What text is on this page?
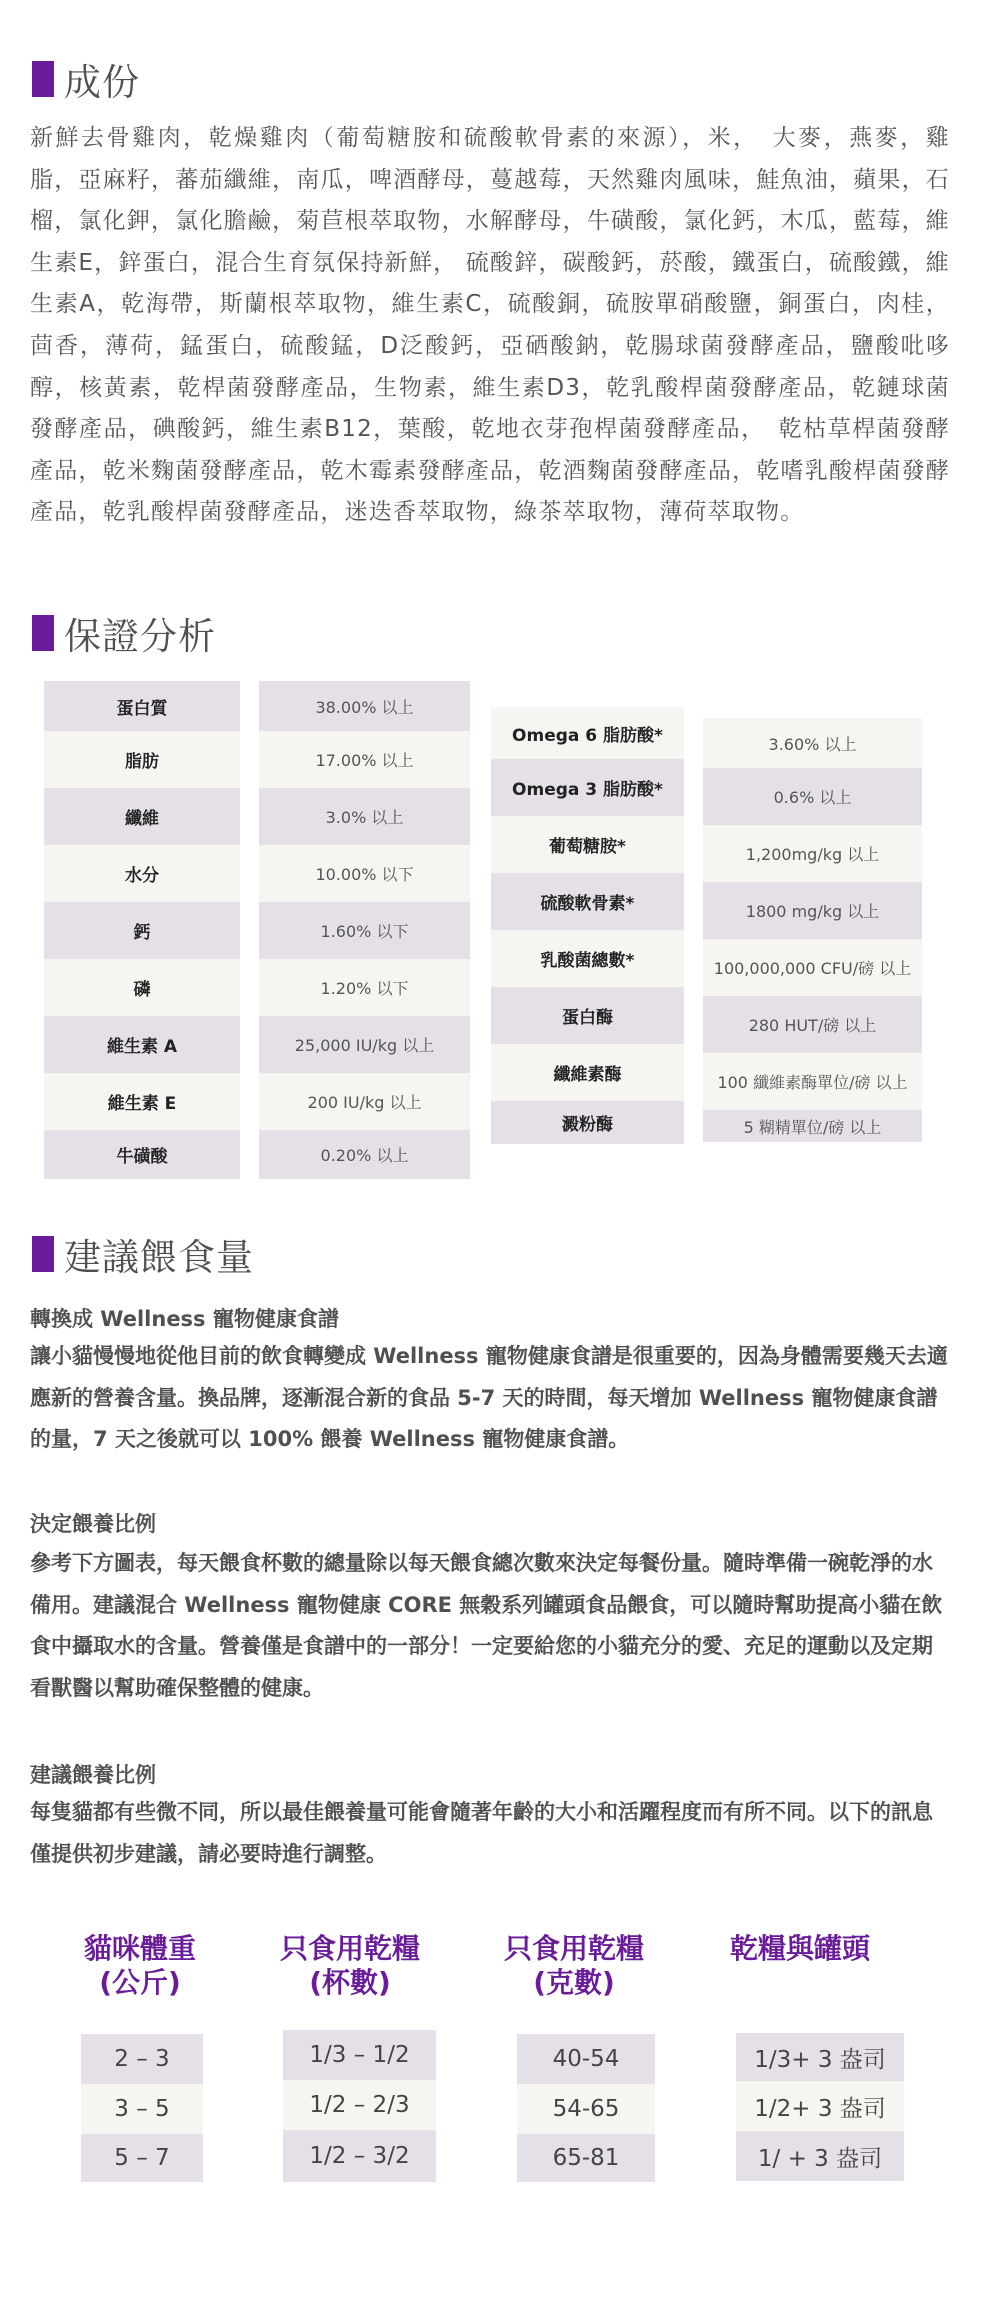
成份
新鮮去骨雞肉，乾燥雞肉（葡萄糖胺和硫酸軟骨素的來源），米，　大麥，燕麥，雞脂，亞麻籽，蕃茄纖維，南瓜，啤酒酵母，蔓越莓，天然雞肉風味，鮭魚油，蘋果，石榴，氯化鉀，氯化膽鹼，菊苣根萃取物，水解酵母，牛磺酸，氯化鈣，木瓜，藍莓，維生素E，鋅蛋白，混合生育氛保持新鮮， 硫酸鋅，碳酸鈣，菸酸，鐵蛋白，硫酸鐵，維生素A，乾海帶，斯蘭根萃取物，維生素C，硫酸銅，硫胺單硝酸鹽，銅蛋白，肉桂，茴香，薄荷，錳蛋白，硫酸錳，D泛酸鈣，亞硒酸鈉，乾腸球菌發酵產品，鹽酸吡哆醇，核黃素，乾桿菌發酵產品，生物素，維生素D3，乾乳酸桿菌發酵產品，乾鏈球菌發酵產品，碘酸鈣，維生素B12，葉酸，乾地衣芽孢桿菌發酵產品，　乾枯草桿菌發酵產品，乾米麴菌發酵產品，乾木霉素發酵產品，乾酒麴菌發酵產品，乾嗜乳酸桿菌發酵產品，乾乳酸桿菌發酵產品，迷迭香萃取物，綠茶萃取物，薄荷萃取物。
保證分析
蛋白質
脂肪
纖維
水分
鈣
磷
維生素 A
維生素 E
牛磺酸
38.00% 以上
17.00% 以上
3.0% 以上
10.00% 以下
1.60% 以下
1.20% 以下
25,000 IU/kg 以上
200 IU/kg 以上
0.20% 以上
Omega 6 脂肪酸*
Omega 3 脂肪酸*
葡萄糖胺*
硫酸軟骨素*
乳酸菌總數*
蛋白酶
纖維素酶
澱粉酶
3.60% 以上
0.6% 以上
1,200mg/kg 以上
1800 mg/kg 以上
100,000,000 CFU/磅 以上
280 HUT/磅 以上
100 纖維素酶單位/磅 以上
5 糊精單位/磅 以上
建議餵食量
轉換成 Wellness 寵物健康食譜
讓小貓慢慢地從他目前的飲食轉變成 Wellness 寵物健康食譜是很重要的，因為身體需要幾天去適應新的營養含量。換品牌，逐漸混合新的食品 5-7 天的時間，每天增加 Wellness 寵物健康食譜的量，7 天之後就可以 100% 餵養 Wellness 寵物健康食譜。
決定餵養比例
參考下方圖表，每天餵食杯數的總量除以每天餵食總次數來決定每餐份量。隨時準備一碗乾淨的水備用。建議混合 Wellness 寵物健康 CORE 無穀系列罐頭食品餵食，可以隨時幫助提高小貓在飲食中攝取水的含量。營養僅是食譜中的一部分！一定要給您的小貓充分的愛、充足的運動以及定期看獸醫以幫助確保整體的健康。
建議餵養比例
每隻貓都有些微不同，所以最佳餵養量可能會隨著年齡的大小和活躍程度而有所不同。以下的訊息僅提供初步建議，請必要時進行調整。
貓咪體重
(公斤)
只食用乾糧
(杯數)
只食用乾糧
(克數)
乾糧與罐頭
2 – 3
3 – 5
5 – 7
1/3 – 1/2
1/2 – 2/3
1/2 – 3/2
40-54
54-65
65-81
1/3+ 3 盎司
1/2+ 3 盎司
1/ + 3 盎司
